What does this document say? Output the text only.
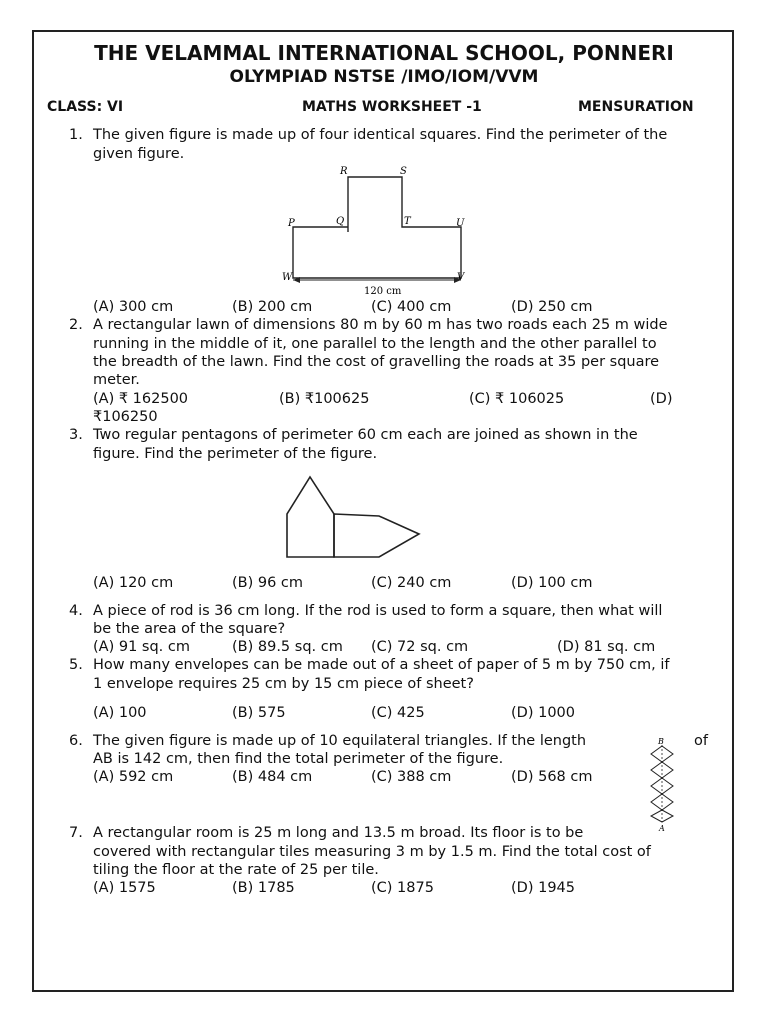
THE VELAMMAL INTERNATIONAL SCHOOL, PONNERI
OLYMPIAD NSTSE /IMO/IOM/VVM
CLASS: VI	MATHS WORKSHEET -1	MENSURATION
1. The given figure is made up of four identical squares. Find the perimeter of the
given figure.
R	S
P	Q	T	U
W	V
120 cm
(A) 300 cm	(B) 200 cm	(C) 400 cm	(D) 250 cm
2. A rectangular lawn of dimensions 80 m by 60 m has two roads each 25 m wide
running in the middle of it, one parallel to the length and the other parallel to
the breadth of the lawn. Find the cost of gravelling the roads at 35 per square
meter.
(A) ₹ 162500	(B) ₹100625	(C) ₹ 106025	(D)
₹106250
3. Two regular pentagons of perimeter 60 cm each are joined as shown in the
figure. Find the perimeter of the figure.
(A) 120 cm	(B) 96 cm	(C) 240 cm	(D) 100 cm
4. A piece of rod is 36 cm long. If the rod is used to form a square, then what will
be the area of the square?
(A) 91 sq. cm	(B) 89.5 sq. cm (C) 72 sq. cm	(D) 81 sq. cm
5. How many envelopes can be made out of a sheet of paper of 5 m by 750 cm, if
1 envelope requires 25 cm by 15 cm piece of sheet?
(A) 100	(B) 575	(C) 425	(D) 1000
6. The given figure is made up of 10 equilateral triangles. If the length	of
AB is 142 cm, then find the total perimeter of the figure.
(A) 592 cm	(B) 484 cm	(C) 388 cm	(D) 568 cm
B
A
7. A rectangular room is 25 m long and 13.5 m broad. Its floor is to be
covered with rectangular tiles measuring 3 m by 1.5 m. Find the total cost of
tiling the floor at the rate of 25 per tile.
(A) 1575	(B) 1785	(C) 1875	(D) 1945
